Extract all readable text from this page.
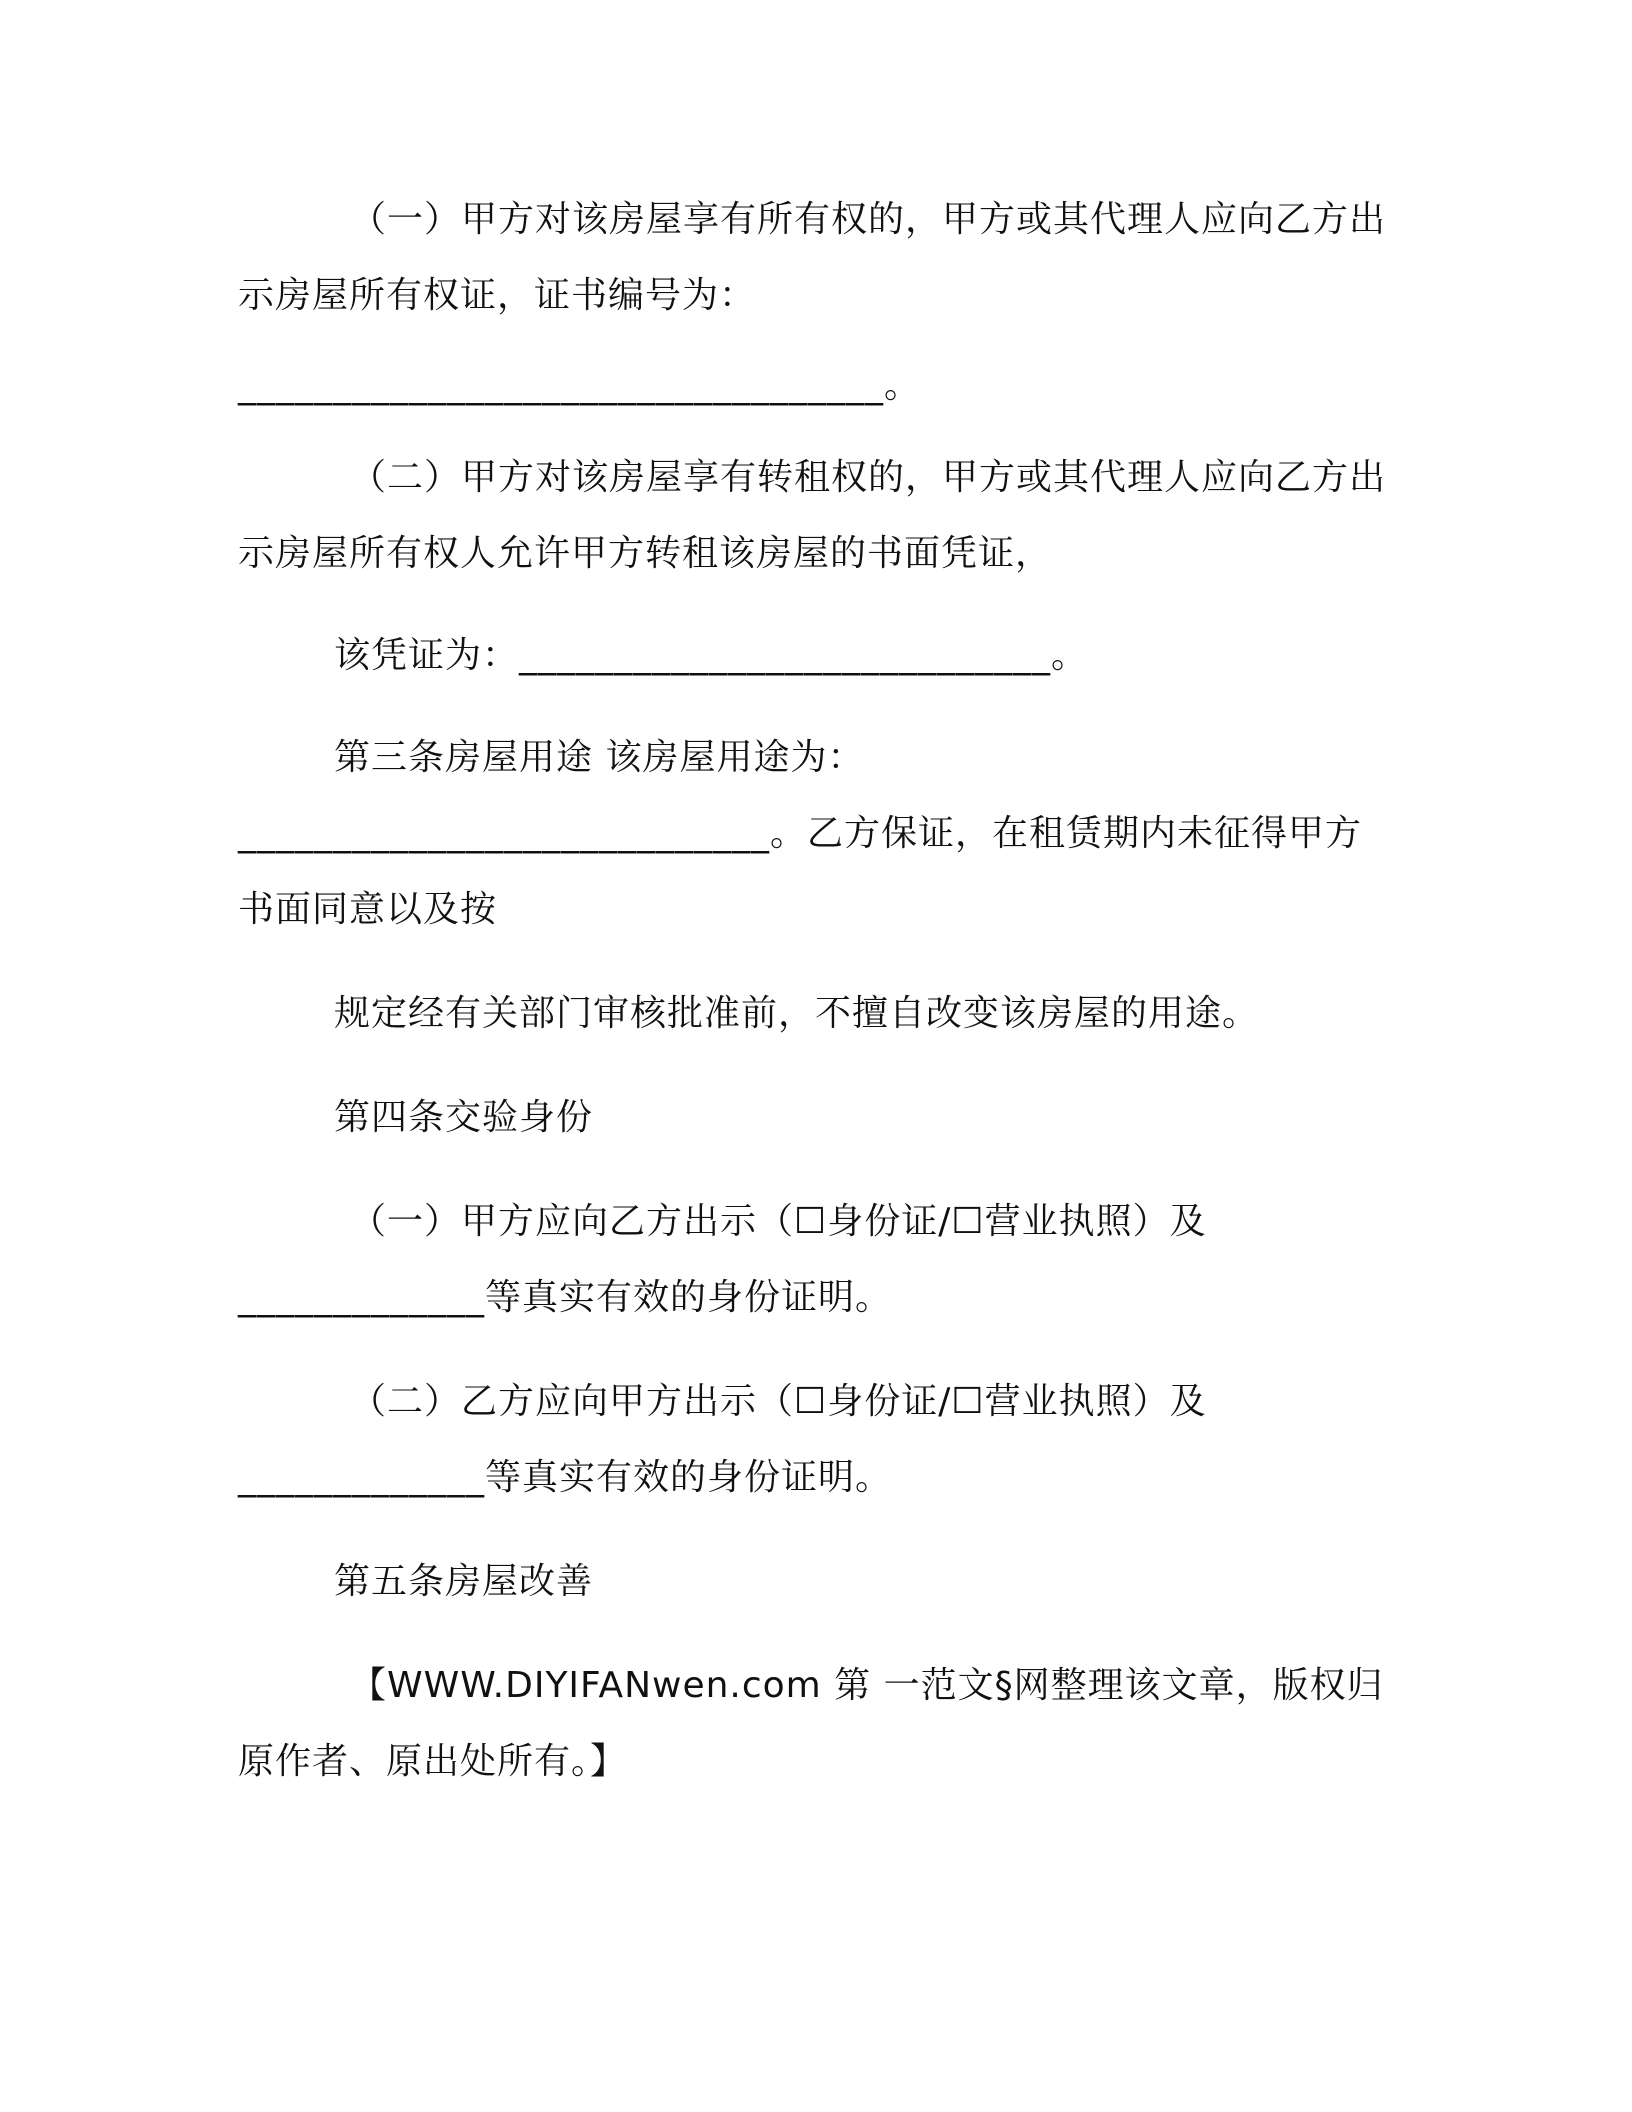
（一）甲方对该房屋享有所有权的，甲方或其代理人应向乙方出
示房屋所有权证，证书编号为：
__________________________________。
（二）甲方对该房屋享有转租权的，甲方或其代理人应向乙方出
示房屋所有权人允许甲方转租该房屋的书面凭证，
该凭证为：____________________________。
第三条房屋用途 该房屋用途为：
____________________________。乙方保证，在租赁期内未征得甲方
书面同意以及按
规定经有关部门审核批准前，不擅自改变该房屋的用途。
第四条交验身份
（一）甲方应向乙方出示（☐身份证/☐营业执照）及
_____________等真实有效的身份证明。
（二）乙方应向甲方出示（☐身份证/☐营业执照）及
_____________等真实有效的身份证明。
第五条房屋改善
【WWW.DIYIFANwen.com 第 一范文§网整理该文章，版权归
原作者、原出处所有。】
